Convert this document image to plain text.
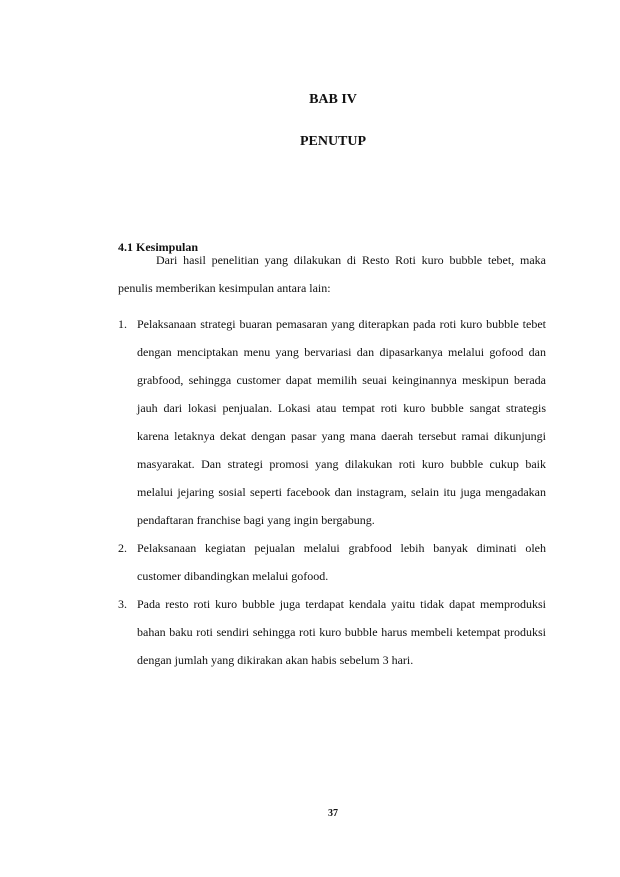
BAB IV
PENUTUP
4.1 Kesimpulan

Dari hasil penelitian yang dilakukan di Resto Roti kuro bubble tebet, maka penulis memberikan kesimpulan antara lain:

1. Pelaksanaan strategi buaran pemasaran yang diterapkan pada roti kuro bubble tebet dengan menciptakan menu yang bervariasi dan dipasarkanya melalui gofood dan grabfood, sehingga customer dapat memilih seuai keinginannya meskipun berada jauh dari lokasi penjualan. Lokasi atau tempat roti kuro bubble sangat strategis karena letaknya dekat dengan pasar yang mana daerah tersebut ramai dikunjungi masyarakat. Dan strategi promosi yang dilakukan roti kuro bubble cukup baik melalui jejaring sosial seperti facebook dan instagram, selain itu juga mengadakan pendaftaran franchise bagi yang ingin bergabung.
2. Pelaksanaan kegiatan pejualan melalui grabfood lebih banyak diminati oleh customer dibandingkan melalui gofood.
3. Pada resto roti kuro bubble juga terdapat kendala yaitu tidak dapat memproduksi bahan baku roti sendiri sehingga roti kuro bubble harus membeli ketempat produksi dengan jumlah yang dikirakan akan habis sebelum 3 hari.
37
